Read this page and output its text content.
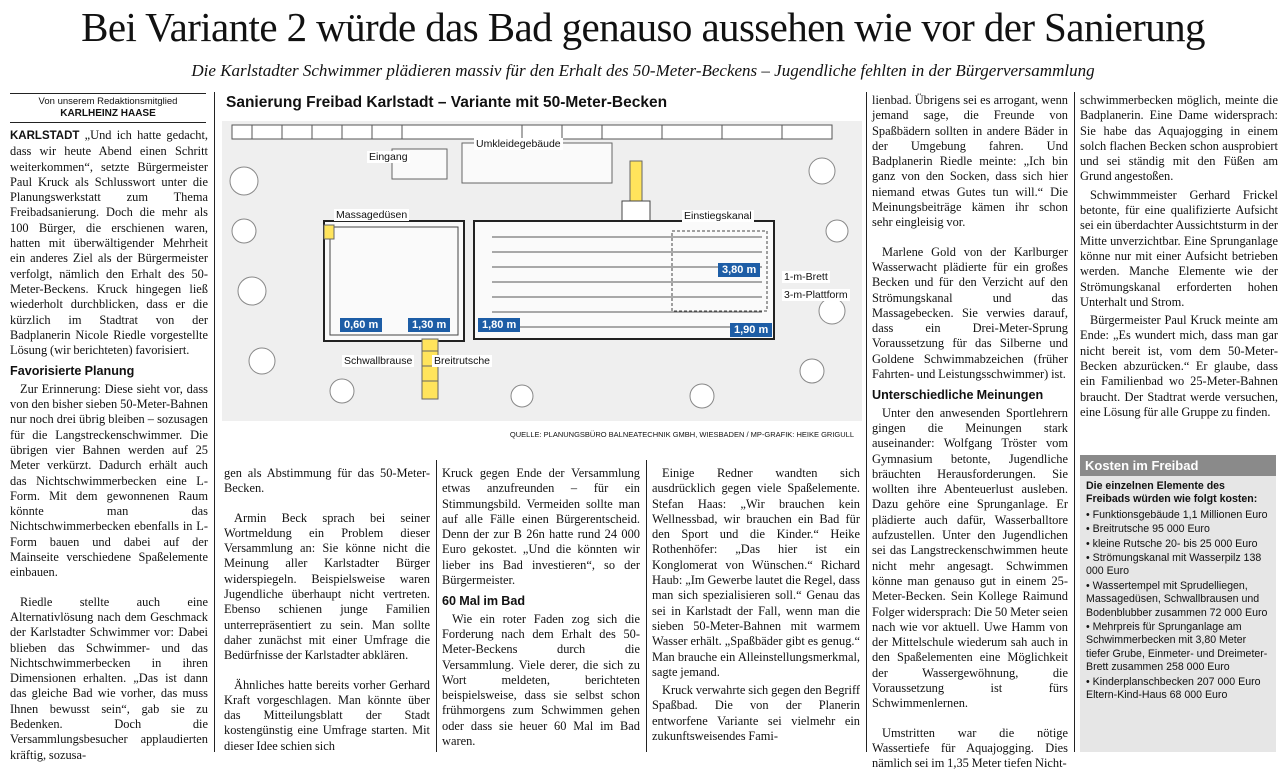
Bei Variante 2 würde das Bad genauso aussehen wie vor der Sanierung
Die Karlstadter Schwimmer plädieren massiv für den Erhalt des 50-Meter-Beckens – Jugendliche fehlten in der Bürgerversammlung
Von unserem Redaktionsmitglied
KARLHEINZ HAASE

KARLSTADT „Und ich hatte gedacht, dass wir heute Abend einen Schritt weiterkommen“, setzte Bürgermeister Paul Kruck als Schlusswort unter die Planungswerkstatt zum Thema Freibadsanierung. Doch die mehr als 100 Bürger, die erschienen waren, hatten mit überwältigender Mehrheit ein anderes Ziel als der Bürgermeister verfolgt, nämlich den Erhalt des 50-Meter-Beckens. Kruck hingegen ließ wiederholt durchblicken, dass er die kürzlich im Stadtrat von der Badplanerin Nicole Riedle vorgestellte Lösung (wir berichteten) favorisiert.

Favorisierte Planung

Zur Erinnerung: Diese sieht vor, dass von den bisher sieben 50-Meter-Bahnen nur noch drei übrig bleiben – sozusagen für die Langstreckenschwimmer. Die übrigen vier Bahnen werden auf 25 Meter verkürzt. Dadurch erhält auch das Nichtschwimmerbecken eine L-Form. Mit dem gewonnenen Raum könnte man das Nichtschwimmerbecken ebenfalls in L-Form bauen und dabei auf der Mainseite verschiedene Spaßelemente einbauen.

Riedle stellte auch eine Alternativlösung nach dem Geschmack der Karlstadter Schwimmer vor: Dabei blieben das Schwimmer- und das Nichtschwimmerbecken in ihren Dimensionen erhalten. „Das ist dann das gleiche Bad wie vorher, das muss Ihnen bewusst sein“, gab sie zu Bedenken. Doch die Versammlungsbesucher applaudierten kräftig, sozusa-

Sanierung Freibad Karlstadt – Variante mit 50-Meter-Becken
Eingang
Umkleidegebäude
Massagedüsen	Einstiegskanal
1-m-Brett
3-m-Plattform
Schwallbrause Breitrutsche
0,60 m	1,30 m	1,80 m
3,80 m
1,90 m
QUELLE: PLANUNGSBÜRO BALNEATECHNIK GMBH, WIESBADEN / MP-GRAFIK: HEIKE GRIGULL

gen als Abstimmung für das 50-Meter-Becken.

Armin Beck sprach bei seiner Wortmeldung ein Problem dieser Versammlung an: Sie könne nicht die Meinung aller Karlstadter Bürger widerspiegeln. Beispielsweise waren Jugendliche überhaupt nicht vertreten. Ebenso schienen junge Familien unterrepräsentiert zu sein. Man sollte daher zunächst mit einer Umfrage die Bedürfnisse der Karlstadter abklären.

Ähnliches hatte bereits vorher Gerhard Kraft vorgeschlagen. Man könnte über das Mitteilungsblatt der Stadt kostengünstig eine Umfrage starten. Mit dieser Idee schien sich

Kruck gegen Ende der Versammlung etwas anzufreunden – für ein Stimmungsbild. Vermeiden sollte man auf alle Fälle einen Bürgerentscheid. Denn der zur B 26n hatte rund 24 000 Euro gekostet. „Und die könnten wir lieber ins Bad investieren“, so der Bürgermeister.

60 Mal im Bad

Wie ein roter Faden zog sich die Forderung nach dem Erhalt des 50-Meter-Beckens durch die Versammlung. Viele derer, die sich zu Wort meldeten, berichteten beispielsweise, dass sie selbst schon frühmorgens zum Schwimmen gehen oder dass sie heuer 60 Mal im Bad waren.

Einige Redner wandten sich ausdrücklich gegen viele Spaßelemente. Stefan Haas: „Wir brauchen kein Wellnessbad, wir brauchen ein Bad für den Sport und die Kinder.“ Heike Rothenhöfer: „Das hier ist ein Konglomerat von Wünschen.“ Richard Haub: „Im Gewerbe lautet die Regel, dass man sich spezialisieren soll.“ Genau das sei in Karlstadt der Fall, wenn man die sieben 50-Meter-Bahnen mit warmem Wasser erhält. „Spaßbäder gibt es genug.“ Man brauche ein Alleinstellungsmerkmal, sagte jemand.

Kruck verwahrte sich gegen den Begriff Spaßbad. Die von der Planerin entworfene Variante sei vielmehr ein zukunftsweisendes Fami-

lienbad. Übrigens sei es arrogant, wenn jemand sage, die Freunde von Spaßbädern sollten in andere Bäder in der Umgebung fahren. Und Badplanerin Riedle meinte: „Ich bin ganz von den Socken, dass sich hier niemand etwas Gutes tun will.“ Die Meinungsbeiträge kämen ihr schon sehr eingleisig vor.

Marlene Gold von der Karlburger Wasserwacht plädierte für ein großes Becken und für den Verzicht auf den Strömungskanal und das Massagebecken. Sie verwies darauf, dass ein Drei-Meter-Sprung Voraussetzung für das Silberne und Goldene Schwimmabzeichen (früher Fahrten- und Leistungsschwimmer) ist.

Unterschiedliche Meinungen

Unter den anwesenden Sportlehrern gingen die Meinungen stark auseinander: Wolfgang Tröster vom Gymnasium betonte, Jugendliche bräuchten Herausforderungen. Sie wollten ihre Abenteuerlust ausleben. Dazu gehöre eine Sprunganlage. Er plädierte auch dafür, Wasserballtore aufzustellen. Unter den Jugendlichen sei das Langstreckenschwimmen heute nicht mehr angesagt. Schwimmen könne man genauso gut in einem 25-Meter-Becken. Sein Kollege Raimund Folger widersprach: Die 50 Meter seien nach wie vor aktuell. Uwe Hamm von der Mittelschule wiederum sah auch in den Spaßelementen eine Möglichkeit der Wassergewöhnung, die Voraussetzung ist fürs Schwimmenlernen.

Umstritten war die nötige Wassertiefe für Aquajogging. Dies nämlich sei im 1,35 Meter tiefen Nicht-

schwimmerbecken möglich, meinte die Badplanerin. Eine Dame widersprach: Sie habe das Aquajogging in einem solch flachen Becken schon ausprobiert und sei ständig mit den Füßen am Grund angestoßen.

Schwimmmeister Gerhard Frickel betonte, für eine qualifizierte Aufsicht sei ein überdachter Aussichtsturm in der Mitte unverzichtbar. Eine Sprunganlage könne nur mit einer Aufsicht betrieben werden. Manche Elemente wie der Strömungskanal erforderten hohen Unterhalt und Strom.

Bürgermeister Paul Kruck meinte am Ende: „Es wundert mich, dass man gar nicht bereit ist, vom dem 50-Meter-Becken abzurücken.“ Er glaube, dass ein Familienbad wo 25-Meter-Bahnen braucht. Der Stadtrat werde versuchen, eine Lösung für alle Gruppe zu finden.

Kosten im Freibad
Die einzelnen Elemente des Freibads würden wie folgt kosten:
• Funktionsgebäude 1,1 Millionen Euro
• Breitrutsche 95 000 Euro
• kleine Rutsche 20- bis 25 000 Euro
• Strömungskanal mit Wasserpilz 138 000 Euro
• Wassertempel mit Sprudelliegen, Massagedüsen, Schwallbrausen und Bodenblubber zusammen 72 000 Euro
• Mehrpreis für Sprunganlage am Schwimmerbecken mit 3,80 Meter tiefer Grube, Einmeter- und Dreimeter-Brett zusammen 258 000 Euro
• Kinderplanschbecken 207 000 Euro Eltern-Kind-Haus 68 000 Euro
